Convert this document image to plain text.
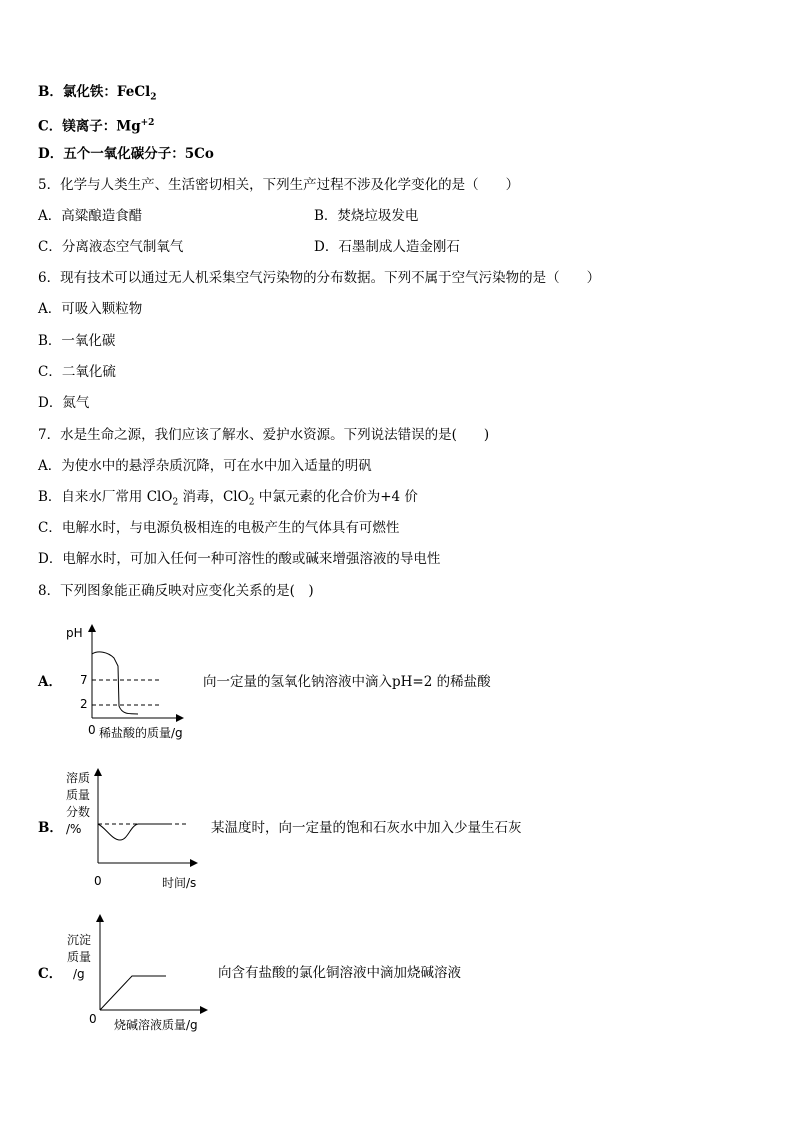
B．氯化铁：FeCl$_2$
C．镁离子：$Mg^{+2}$
D．五个一氧化碳分子：5Co
5．化学与人类生产、生活密切相关，下列生产过程不涉及化学变化的是（　　）
A．高粱酿造食醋	B．焚烧垃圾发电
C．分离液态空气制氧气	D．石墨制成人造金刚石
6．现有技术可以通过无人机采集空气污染物的分布数据。下列不属于空气污染物的是（　　）
A．可吸入颗粒物
B．一氧化碳
C．二氧化硫
D．氮气
7．水是生命之源，我们应该了解水、爱护水资源。下列说法错误的是(　　)
A．为使水中的悬浮杂质沉降，可在水中加入适量的明矾
B．自来水厂常用 ClO$_2$ 消毒，ClO$_2$ 中氯元素的化合价为+4 价
C．电解水时，与电源负极相连的电极产生的气体具有可燃性
D．电解水时，可加入任何一种可溶性的酸或碱来增强溶液的导电性
8．下列图象能正确反映对应变化关系的是(　)
A．
pH
7
2
0 稀盐酸的质量/g
向一定量的氢氧化钠溶液中滴入pH=2 的稀盐酸
B．
溶质
质量
分数
/%
0	时间/s
某温度时，向一定量的饱和石灰水中加入少量生石灰
C．
沉淀
质量
/g
0 烧碱溶液质量/g
向含有盐酸的氯化铜溶液中滴加烧碱溶液
